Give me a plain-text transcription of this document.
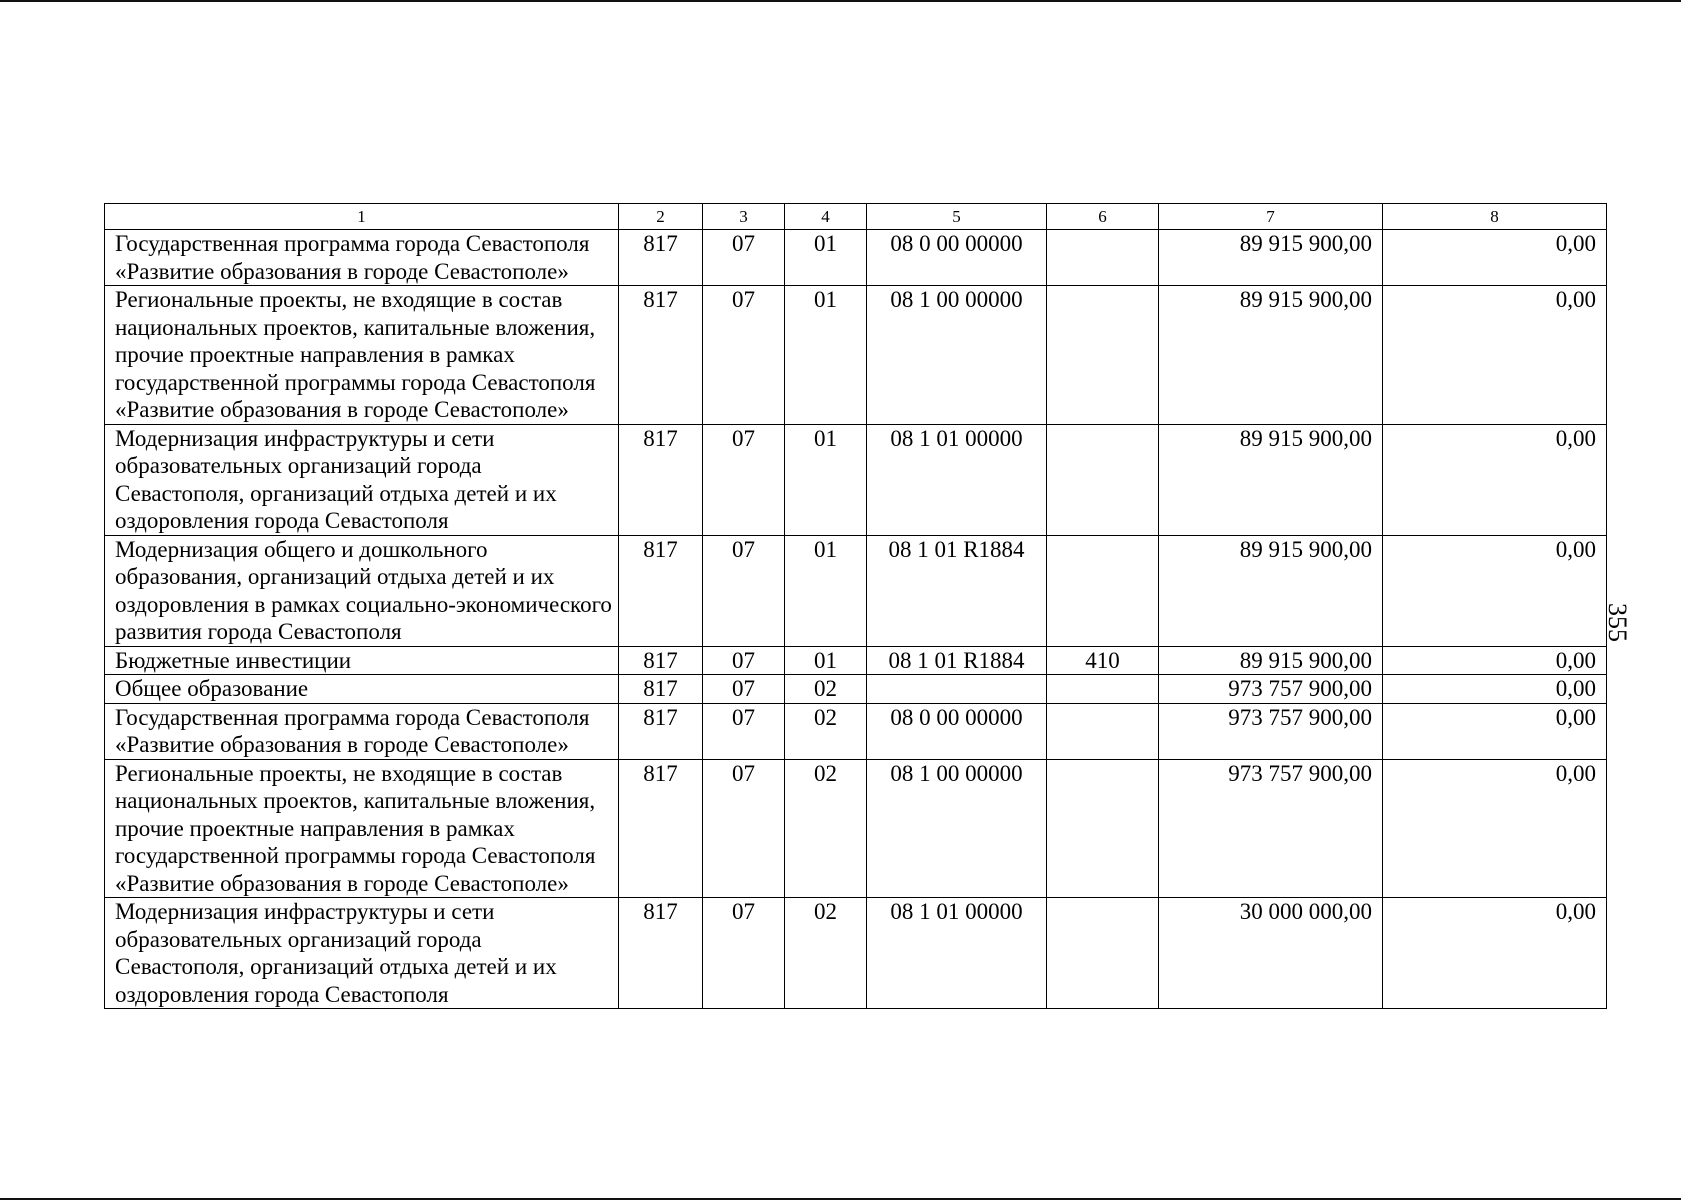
1	2	3	4	5	6	7	8
Государственная программа города Севастополя «Развитие образования в городе Севастополе»	817	07	01	08 0 00 00000		89 915 900,00	0,00
Региональные проекты, не входящие в состав национальных проектов, капитальные вложения, прочие проектные направления в рамках государственной программы города Севастополя «Развитие образования в городе Севастополе»	817	07	01	08 1 00 00000		89 915 900,00	0,00
Модернизация инфраструктуры и сети образовательных организаций города Севастополя, организаций отдыха детей и их оздоровления города Севастополя	817	07	01	08 1 01 00000		89 915 900,00	0,00
Модернизация общего и дошкольного образования, организаций отдыха детей и их оздоровления в рамках социально-экономического развития города Севастополя	817	07	01	08 1 01 R1884		89 915 900,00	0,00
Бюджетные инвестиции	817	07	01	08 1 01 R1884	410	89 915 900,00	0,00
Общее образование	817	07	02			973 757 900,00	0,00
Государственная программа города Севастополя «Развитие образования в городе Севастополе»	817	07	02	08 0 00 00000		973 757 900,00	0,00
Региональные проекты, не входящие в состав национальных проектов, капитальные вложения, прочие проектные направления в рамках государственной программы города Севастополя «Развитие образования в городе Севастополе»	817	07	02	08 1 00 00000		973 757 900,00	0,00
Модернизация инфраструктуры и сети образовательных организаций города Севастополя, организаций отдыха детей и их оздоровления города Севастополя	817	07	02	08 1 01 00000		30 000 000,00	0,00
355
